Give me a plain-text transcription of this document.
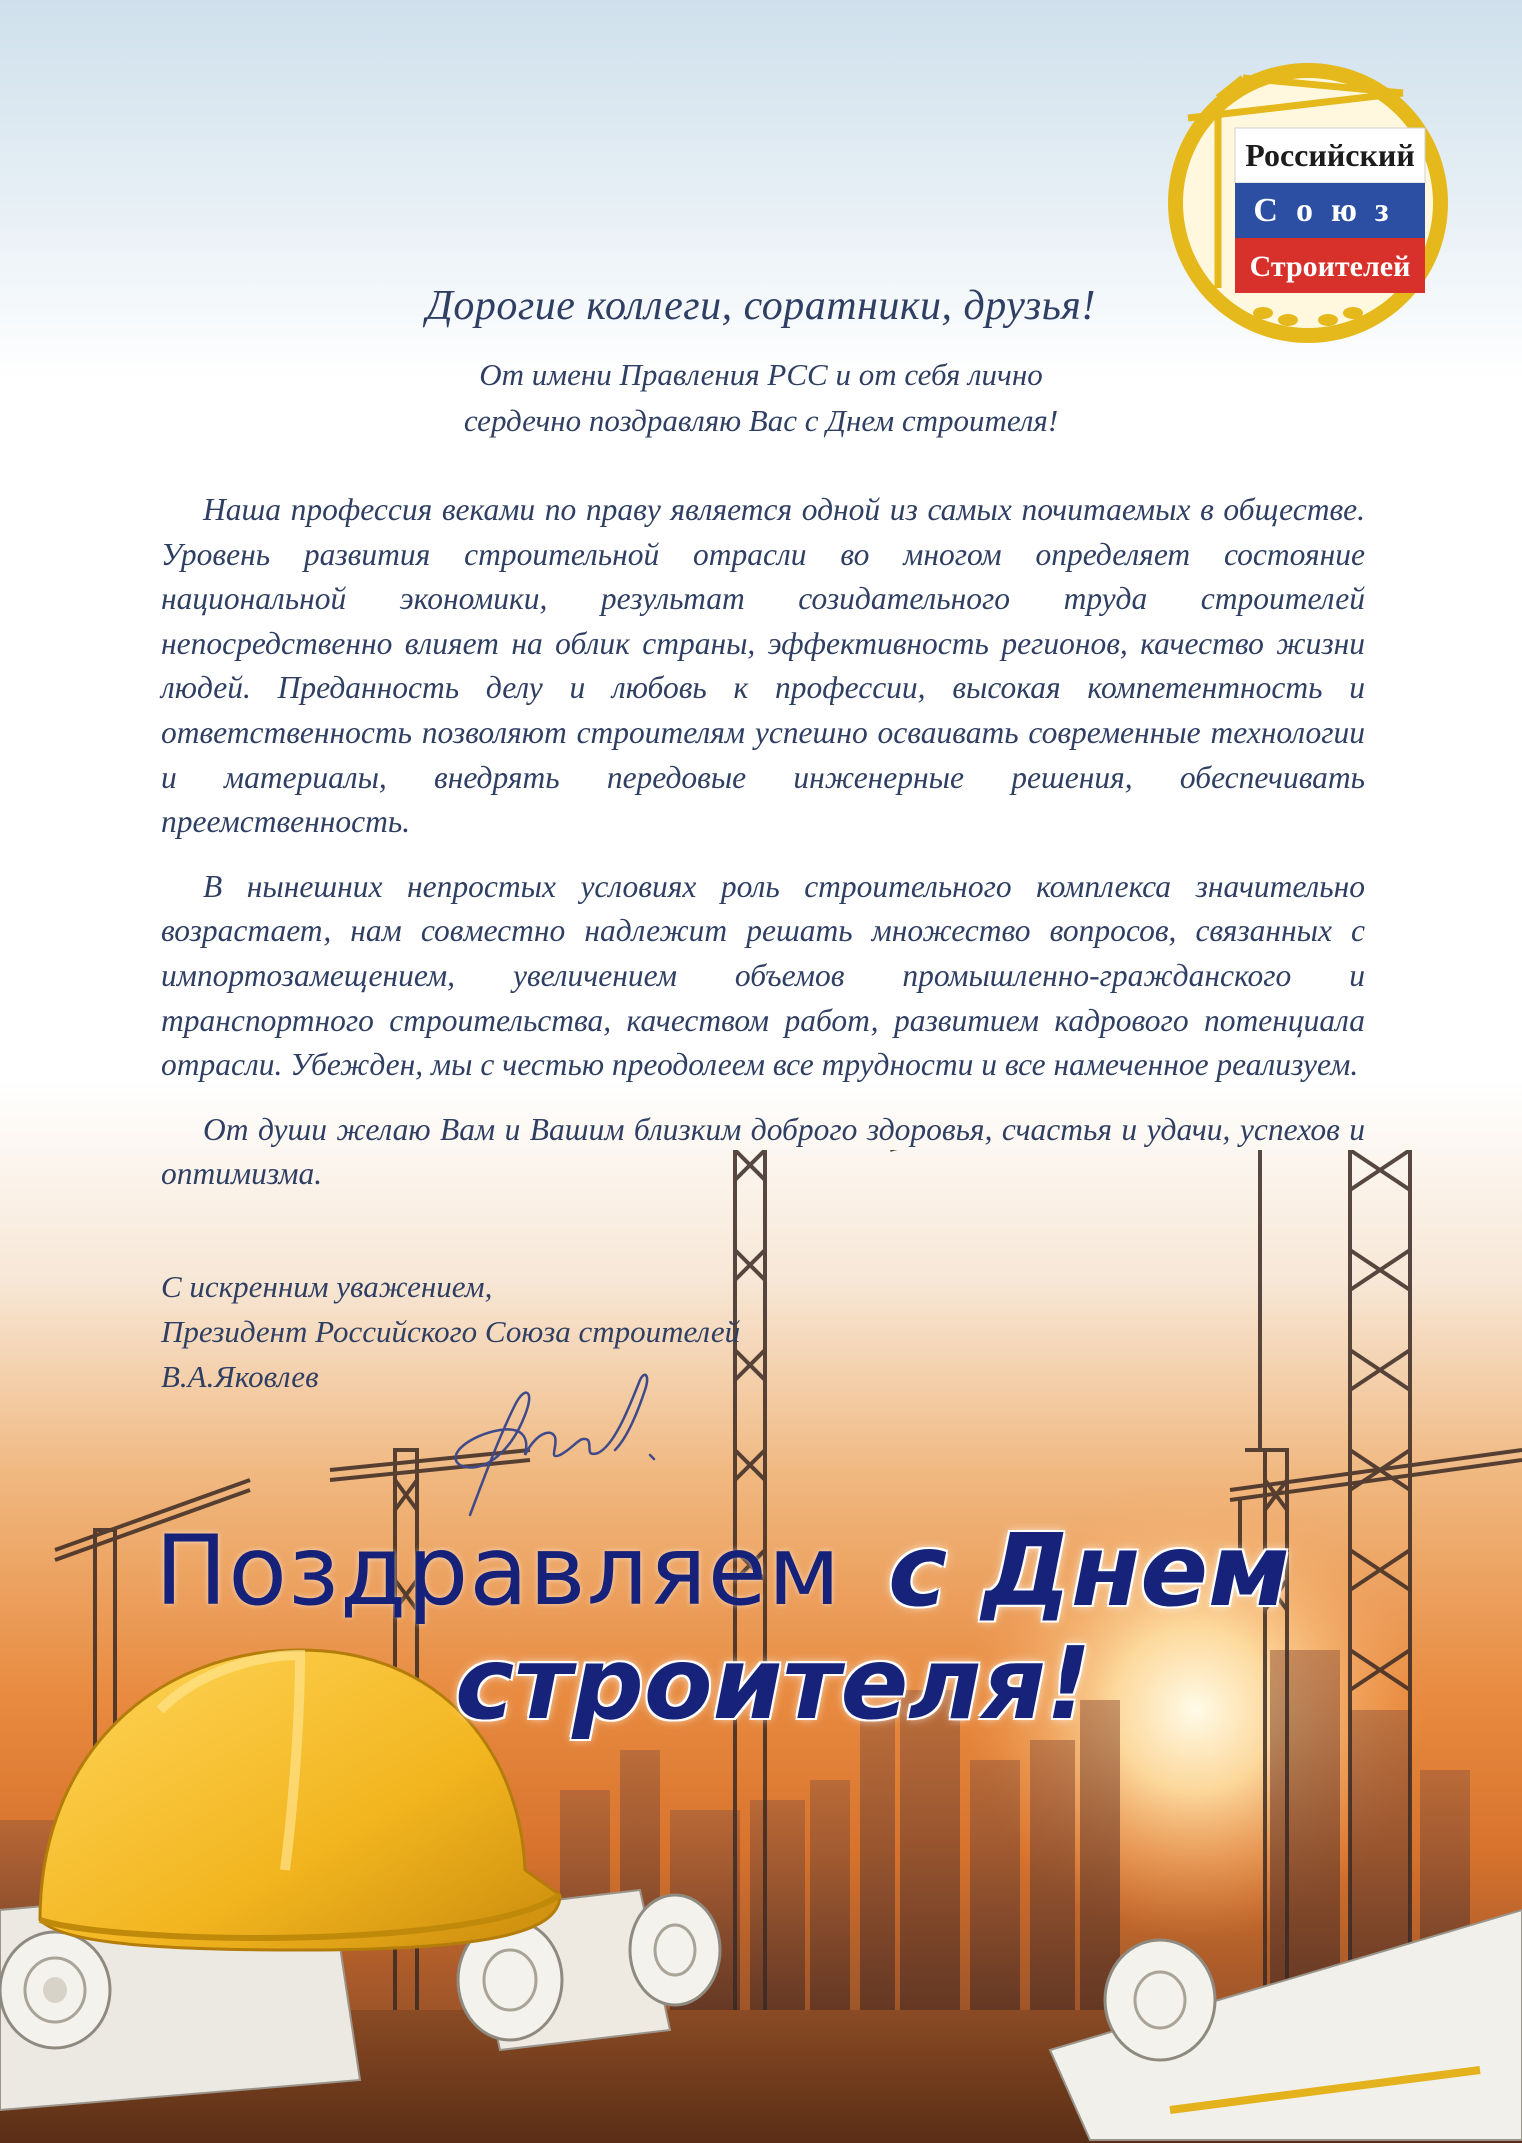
Российский
Союз
Строителей
Дорогие коллеги, соратники, друзья!
От имени Правления РСС и от себя лично
сердечно поздравляю Вас с Днем строителя!

Наша профессия веками по праву является одной из самых почитаемых в обществе. Уровень развития строительной отрасли во многом определяет состояние национальной экономики, результат созидательного труда строителей непосредственно влияет на облик страны, эффективность регионов, качество жизни людей. Преданность делу и любовь к профессии, высокая компетентность и ответственность позволяют строителям успешно осваивать современные технологии и материалы, внедрять передовые инженерные решения, обеспечивать преемственность.

В нынешних непростых условиях роль строительного комплекса значительно возрастает, нам совместно надлежит решать множество вопросов, связанных с импортозамещением, увеличением объемов промышленно-гражданского и транспортного строительства, качеством работ, развитием кадрового потенциала отрасли. Убежден, мы с честью преодолеем все трудности и все намеченное реализуем.

От души желаю Вам и Вашим близким доброго здоровья, счастья и удачи, успехов и оптимизма.

С искренним уважением,
Президент Российского Союза строителей
В.А.Яковлев
Поздравляем с Днем
строителя!
